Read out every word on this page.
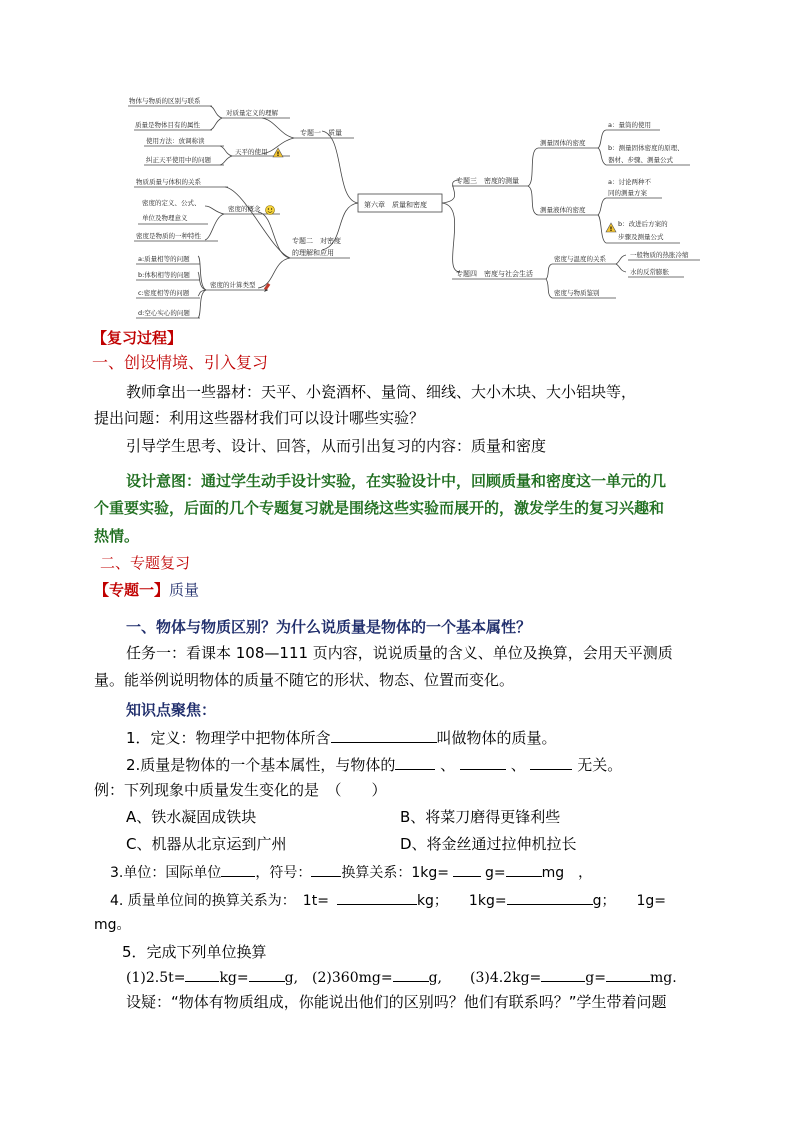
第六章　质量和密度
专题一　质量
专题二　对密度
的理解和应用
专题三　密度的测量
专题四　密度与社会生活
对质量定义的理解
物体与物质的区别与联系
质量是物体目有的属性
天平的使用
使用方法：放调称读
纠正天平使用中的问题
物质质量与体积的关系
密度的概念
密度的定义、公式、
单位及物理意义
密度是物质的一种特性
密度的计算类型
a:质量相等的问题
b:体积相等的问题
c:密度相等的问题
d:空心实心的问题
测量固体的密度
a：量筒的使用
b：测量固体密度的原理、
器材、步骤、测量公式
测量液体的密度
a：讨论两种不
同的测量方案
b：改进后方案的
步骤及测量公式
密度与温度的关系	一般物质的热胀冷缩
水的反常膨胀
密度与物质鉴别
!
!
【复习过程】
一、创设情境、引入复习
教师拿出一些器材：天平、小瓷酒杯、量筒、细线、大小木块、大小铝块等，
提出问题：利用这些器材我们可以设计哪些实验？
引导学生思考、设计、回答，从而引出复习的内容：质量和密度
设计意图：通过学生动手设计实验，在实验设计中，回顾质量和密度这一单元的几
个重要实验，后面的几个专题复习就是围绕这些实验而展开的，激发学生的复习兴趣和
热情。
二、专题复习
【专题一】质量
一、物体与物质区别？为什么说质量是物体的一个基本属性？
任务一：看课本 108—111 页内容，说说质量的含义、单位及换算，会用天平测质
量。能举例说明物体的质量不随它的形状、物态、位置而变化。
知识点聚焦：
1．定义：物理学中把物体所含	叫做物体的质量。
2.质量是物体的一个基本属性，与物体的	、	、	无关。
例：下列现象中质量发生变化的是　（　　）
A、铁水凝固成铁块	B、将菜刀磨得更锋利些
C、机器从北京运到广州	D、将金丝通过拉伸机拉长
3.单位：国际单位 ，符号： 换算关系：1kg=	g=	mg　，
4. 质量单位间的换算关系为：　1t=	kg；　　1kg=	g；　　1g=
mg。
5．完成下列单位换算
(1)2.5t= kg=	g,　(2)360mg=	g,　　(3)4.2kg=	g=	mg.
设疑：“物体有物质组成，你能说出他们的区别吗？他们有联系吗？”学生带着问题
